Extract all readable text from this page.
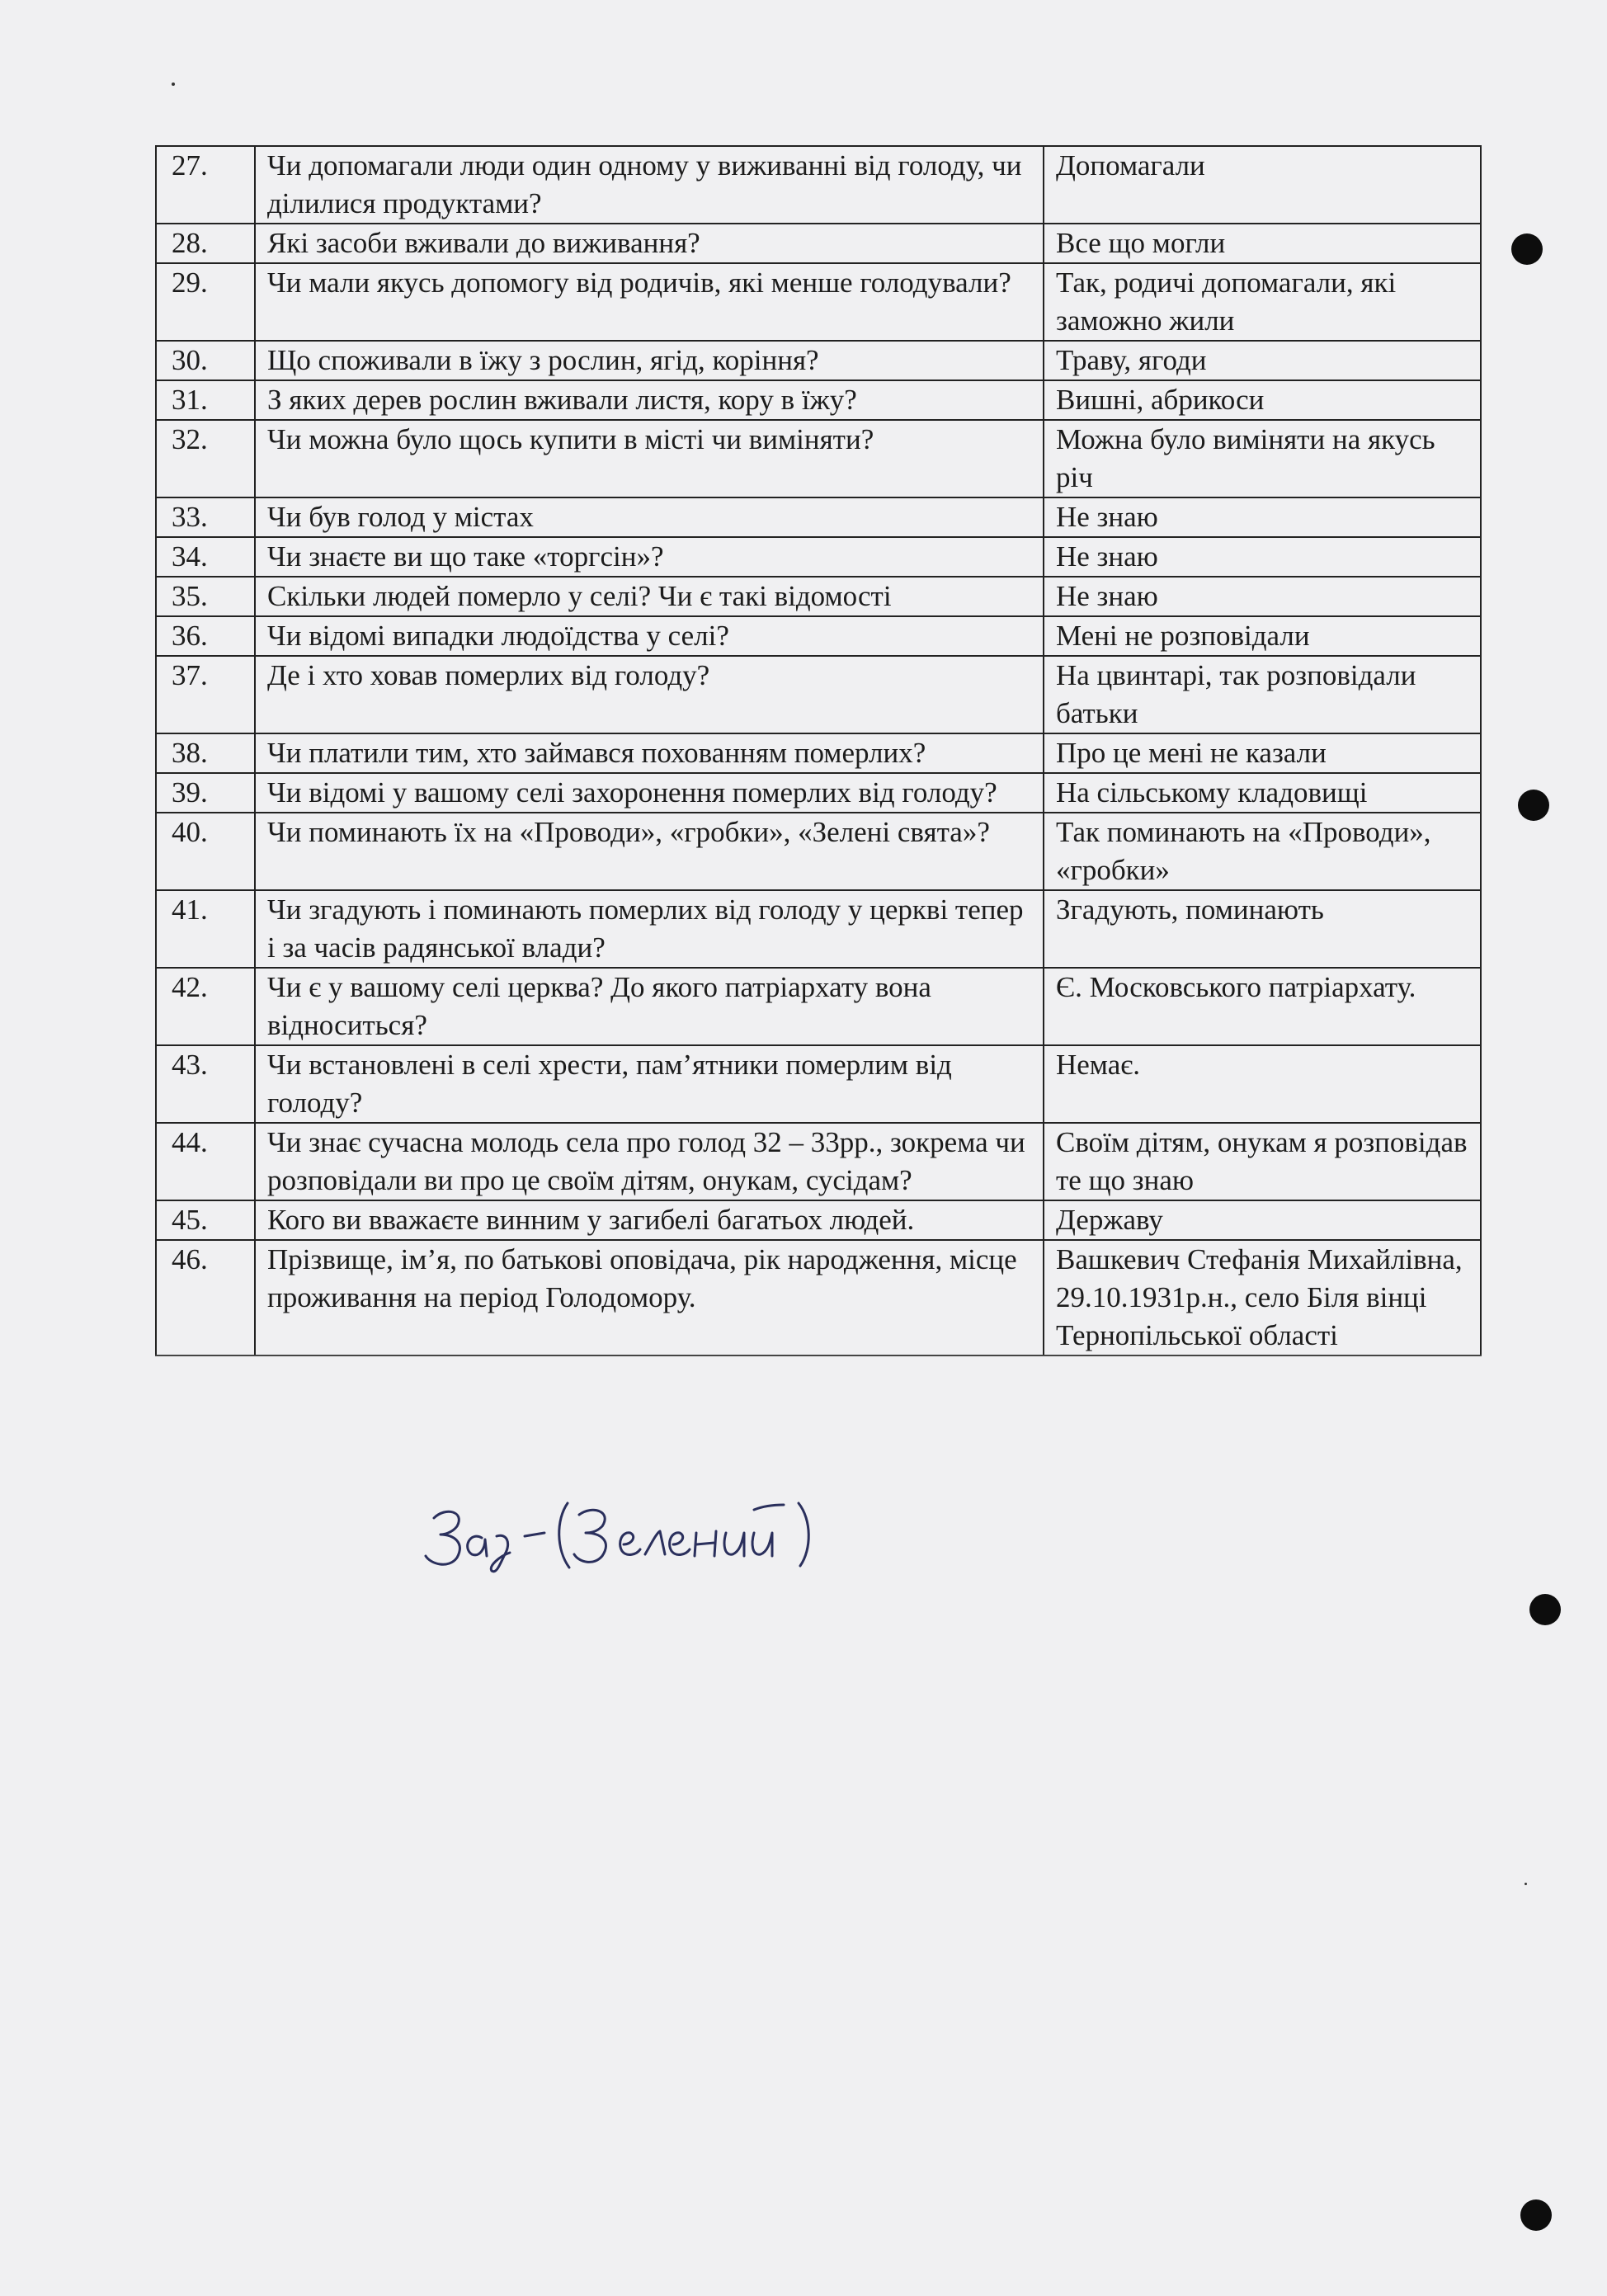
27.	Чи допомагали люди один одному у виживанні від голоду, чи ділилися продуктами?	Допомагали
28.	Які засоби вживали до виживання?	Все що могли
29.	Чи мали якусь допомогу від родичів, які менше голодували?	Так, родичі допомагали, які заможно жили
30.	Що споживали в їжу з рослин, ягід, коріння?	Траву, ягоди
31.	З яких дерев рослин вживали листя, кору в їжу?	Вишні, абрикоси
32.	Чи можна було щось купити в місті чи виміняти?	Можна було виміняти на якусь річ
33.	Чи був голод у містах	Не знаю
34.	Чи знаєте ви що таке «торгсін»?	Не знаю
35.	Скільки людей померло у селі? Чи є такі відомості	Не знаю
36.	Чи відомі випадки людоїдства у селі?	Мені не розповідали
37.	Де і хто ховав померлих від голоду?	На цвинтарі, так розповідали батьки
38.	Чи платили тим, хто займався похованням померлих?	Про це мені не казали
39.	Чи відомі у вашому селі захоронення померлих від голоду?	На сільському кладовищі
40.	Чи поминають їх на «Проводи», «гробки», «Зелені свята»?	Так поминають на «Проводи», «гробки»
41.	Чи згадують і поминають померлих від голоду у церкві тепер і за часів радянської влади?	Згадують, поминають
42.	Чи є у вашому селі церква? До якого патріархату вона відноситься?	Є. Московського патріархату.
43.	Чи встановлені в селі хрести, пам’ятники померлим від голоду?	Немає.
44.	Чи знає сучасна молодь села про голод 32 – 33рр., зокрема чи розповідали ви про це своїм дітям, онукам, сусідам?	Своїм дітям, онукам я розповідав те що знаю
45.	Кого ви вважаєте винним у загибелі багатьох людей.	Державу
46.	Прізвище, ім’я, по батькові оповідача, рік народження, місце проживання на період Голодомору.	Вашкевич Стефанія Михайлівна, 29.10.1931р.н., село Біля вінці Тернопільської області
